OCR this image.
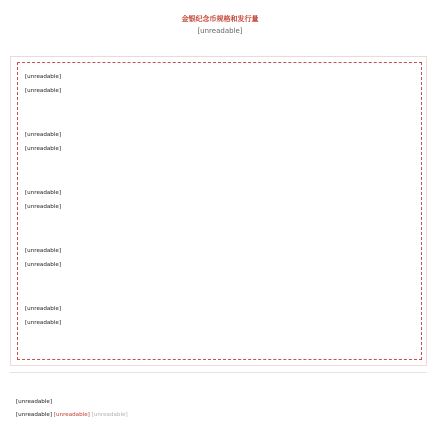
金银纪念币规格和发行量
[unreadable]
[unreadable]
[unreadable]
[unreadable]
[unreadable]
[unreadable]
[unreadable]
[unreadable]
[unreadable]
[unreadable]
[unreadable]
[unreadable]
[unreadable] [unreadable] [unreadable]
